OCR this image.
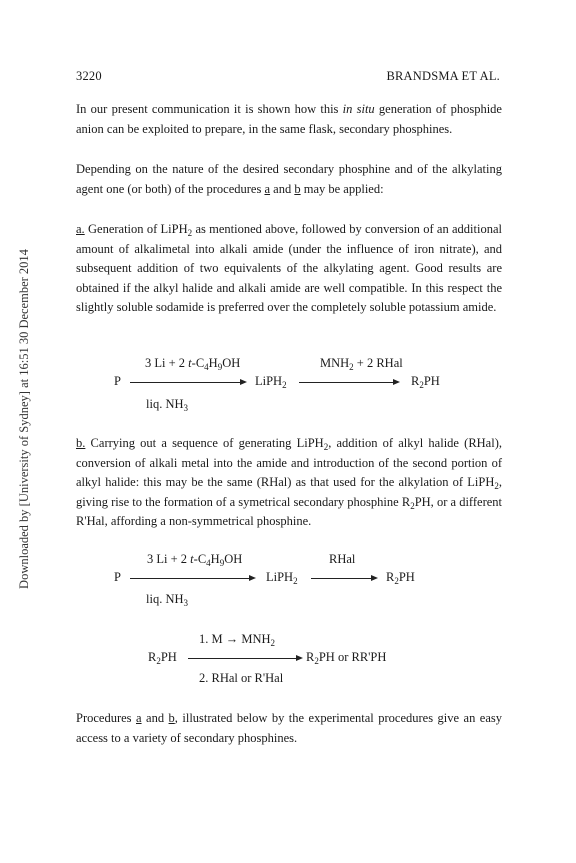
3220	BRANDSMA ET AL.
Downloaded by [University of Sydney] at 16:51 30 December 2014
In our present communication it is shown how this in situ generation of phosphide anion can be exploited to prepare, in the same flask, secondary phosphines.
Depending on the nature of the desired secondary phosphine and of the alkylating agent one (or both) of the procedures a and b may be applied:
a. Generation of LiPH$_2$ as mentioned above, followed by conversion of an additional amount of alkalimetal into alkali amide (under the influence of iron nitrate), and subsequent addition of two equivalents of the alkylating agent. Good results are obtained if the alkyl halide and alkali amide are well compatible. In this respect the slightly soluble sodamide is preferred over the completely soluble potassium amide.
P
3 Li + 2 $t-C_4H_9OH$
liq. $NH_3$
LiPH$_2$
$MNH_2 + 2$ RHal
$R_2PH$
b. Carrying out a sequence of generating LiPH$_2$, addition of alkyl halide (RHal), conversion of alkali metal into the amide and introduction of the second portion of alkyl halide: this may be the same (RHal) as that used for the alkylation of LiPH$_2$, giving rise to the formation of a symetrical secondary phosphine $R_2PH$, or a different R'Hal, affording a non-symmetrical phosphine.
P
3 Li + 2 $t-C_4H_9OH$
liq. $NH_3$
LiPH$_2$
RHal
$R_2PH$
$R_2PH$
1. $M \to MNH_2$
2. RHal or R'Hal
$R_2PH$ or RR'PH
Procedures a and b, illustrated below by the experimental procedures give an easy access to a variety of secondary phosphines.
